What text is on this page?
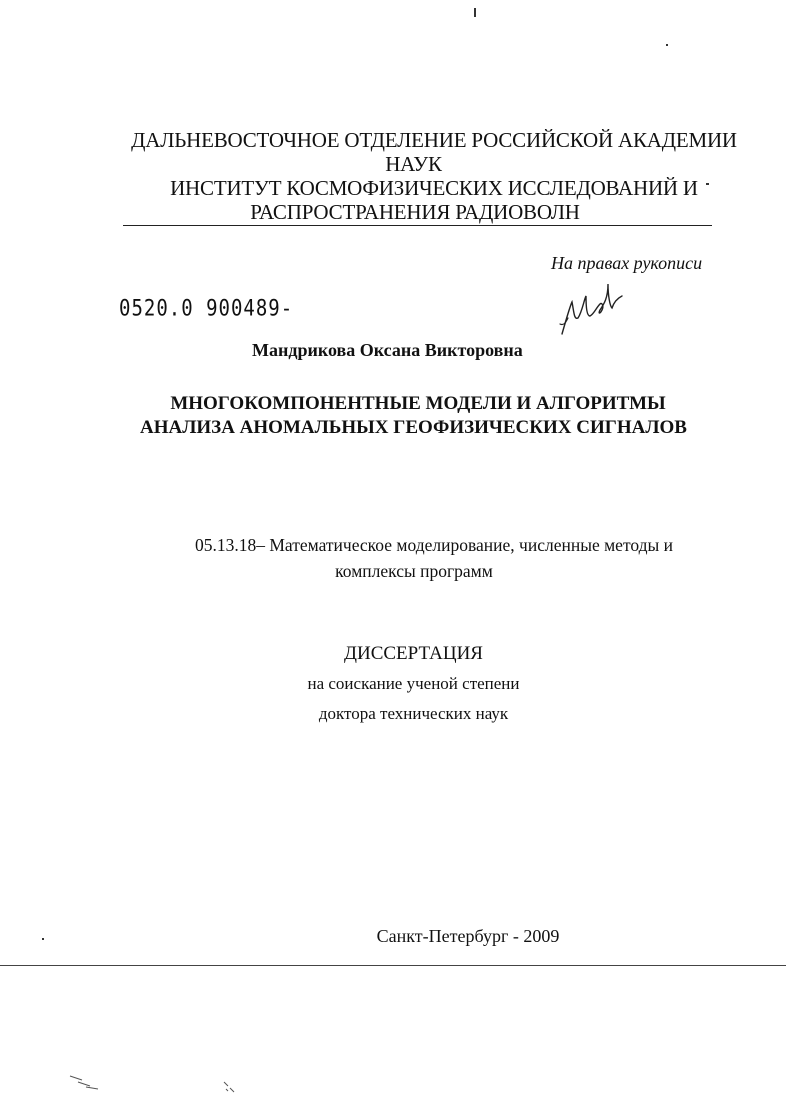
ДАЛЬНЕВОСТОЧНОЕ ОТДЕЛЕНИЕ РОССИЙСКОЙ АКАДЕМИИ
НАУК
ИНСТИТУТ КОСМОФИЗИЧЕСКИХ ИССЛЕДОВАНИЙ И
РАСПРОСТРАНЕНИЯ РАДИОВОЛН
На правах рукописи
0520.0 900489-
Мандрикова Оксана Викторовна
МНОГОКОМПОНЕНТНЫЕ МОДЕЛИ И АЛГОРИТМЫ
АНАЛИЗА АНОМАЛЬНЫХ ГЕОФИЗИЧЕСКИХ СИГНАЛОВ
05.13.18– Математическое моделирование, численные методы и
комплексы программ
ДИССЕРТАЦИЯ
на соискание ученой степени
доктора технических наук
Санкт-Петербург - 2009
